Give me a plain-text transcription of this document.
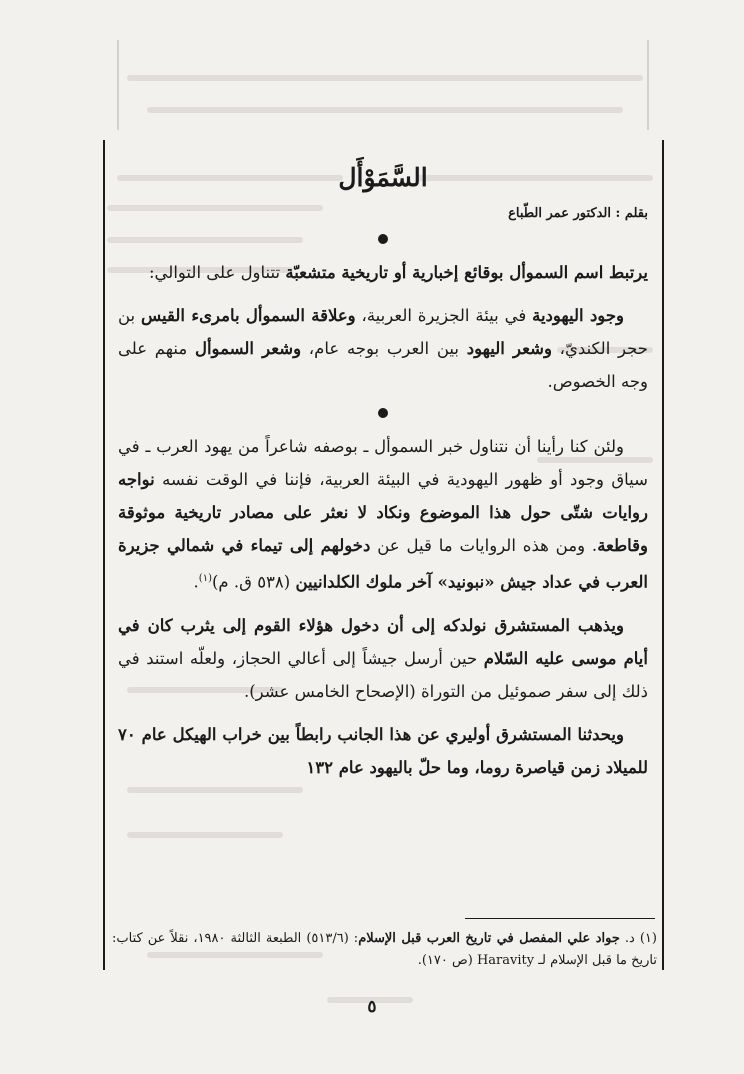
السَّمَوْأَل
بقلم : الدكتور عمر الطّباع

يرتبط اسم السموأل بوقائع إخبارية أو تاريخية متشعبّة تتناول على التوالي:

وجود اليهودية في بيئة الجزيرة العربية، وعلاقة السموأل بامرىء القيس بن حجر الكنديّ، وشعر اليهود بين العرب بوجه عام، وشعر السموأل منهم على وجه الخصوص.

ولئن كنا رأينا أن نتناول خبر السموأل ـ بوصفه شاعراً من يهود العرب ـ في سياق وجود أو ظهور اليهودية في البيئة العربية، فإننا في الوقت نفسه نواجه روايات شتّى حول هذا الموضوع ونكاد لا نعثر على مصادر تاريخية موثوقة وقاطعة. ومن هذه الروايات ما قيل عن دخولهم إلى تيماء في شمالي جزيرة العرب في عداد جيش «نبونيد» آخر ملوك الكلدانيين (٥٣٨ ق. م)$^{(١)}$.

ويذهب المستشرق نولدكه إلى أن دخول هؤلاء القوم إلى يثرب كان في أيام موسى عليه السّلام حين أرسل جيشاً إلى أعالي الحجاز، ولعلّه استند في ذلك إلى سفر صموئيل من التوراة (الإصحاح الخامس عشر).

ويحدثنا المستشرق أوليري عن هذا الجانب رابطاً بين خراب الهيكل عام ٧٠ للميلاد زمن قياصرة روما، وما حلّ باليهود عام ١٣٢

(١) د. جواد علي المفصل في تاريخ العرب قبل الإسلام: (٥١٣/٦) الطبعة الثالثة ١٩٨٠، نقلاً عن كتاب: تاريخ ما قبل الإسلام لـ Haravity (ص ١٧٠).
٥
